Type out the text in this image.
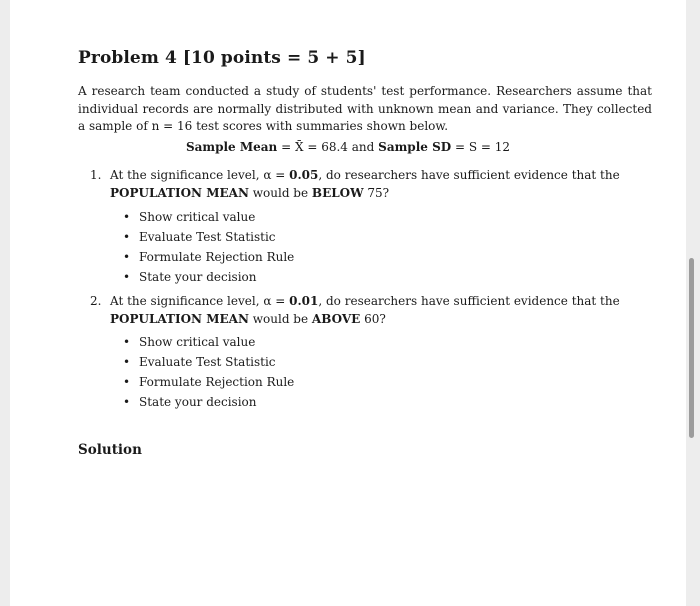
Problem 4 [10 points = 5 + 5]
A research team conducted a study of students' test performance. Researchers assume that individual records are normally distributed with unknown mean and variance. They collected a sample of n = 16 test scores with summaries shown below.
Sample Mean = X̄ = 68.4 and Sample SD = S = 12
1. At the significance level, α = 0.05, do researchers have sufficient evidence that the POPULATION MEAN would be BELOW 75?
• Show critical value
• Evaluate Test Statistic
• Formulate Rejection Rule
• State your decision
2. At the significance level, α = 0.01, do researchers have sufficient evidence that the POPULATION MEAN would be ABOVE 60?
• Show critical value
• Evaluate Test Statistic
• Formulate Rejection Rule
• State your decision
Solution
